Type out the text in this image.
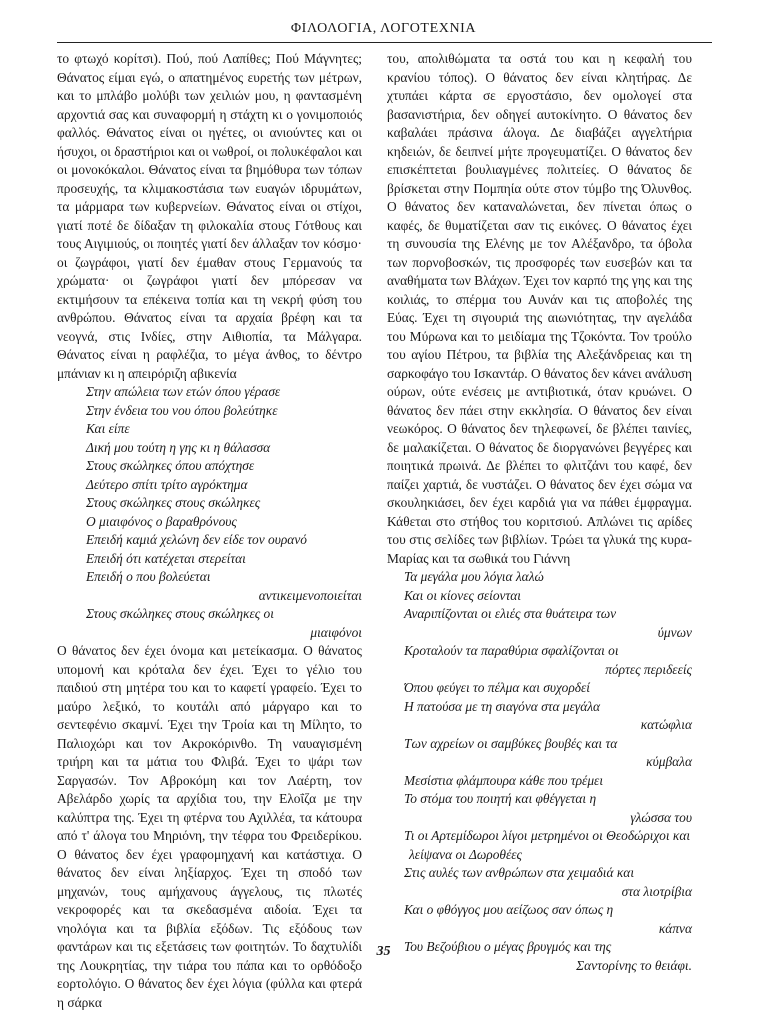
ΦΙΛΟΛΟΓΙΑ, ΛΟΓΟΤΕΧΝΙΑ

το φτωχό κορίτσι). Πού, πού Λαπίθες; Πού Μάγνητες; Θάνατος είμαι εγώ, ο απατημένος ευρετής των μέτρων, και το μπλάβο μολύβι των χειλιών μου, η φαντασμένη αρχοντιά σας και συναφορμή η στάχτη κι ο γονιμοποιός φαλλός. Θάνατος είναι οι ηγέτες, οι ανιούντες και οι ήσυχοι, οι δραστήριοι και οι νωθροί, οι πολυκέφαλοι και οι μονοκόκαλοι. Θάνατος είναι τα βημόθυρα των τόπων προσευχής, τα κλιμακοστάσια των ευαγών ιδρυμάτων, τα μάρμαρα των κυβερνείων. Θάνατος είναι οι στίχοι, γιατί ποτέ δε δίδαξαν τη φιλοκαλία στους Γότθους και τους Αιγιμιούς, οι ποιητές γιατί δεν άλλαξαν τον κόσμο· οι ζωγράφοι, γιατί δεν έμαθαν στους Γερμανούς τα χρώματα· οι ζωγράφοι γιατί δεν μπόρεσαν να εκτιμήσουν τα επέκεινα τοπία και τη νεκρή φύση του ανθρώπου. Θάνατος είναι τα αρχαία βρέφη και τα νεογνά, στις Ινδίες, στην Αιθιοπία, τα Μάλγαρα. Θάνατος είναι η ραφλέζια, το μέγα άνθος, το δέντρο μπάνιαν κι η απειρόριζη αβικενία

Στην απώλεια των ετών όπου γέρασε
Στην ένδεια του νου όπου βολεύτηκε
Και είπε
Δική μου τούτη η γης κι η θάλασσα
Στους σκώληκες όπου απόχτησε
Δεύτερο σπίτι τρίτο αγρόκτημα
Στους σκώληκες στους σκώληκες
Ο μιαιφόνος ο βαραθρόνους
Επειδή καμιά χελώνη δεν είδε τον ουρανό
Επειδή ότι κατέχεται στερείται
Επειδή ο που βολεύεται
αντικειμενοποιείται
Στους σκώληκες στους σκώληκες οι
μιαιφόνοι

Ο θάνατος δεν έχει όνομα και μετείκασμα. Ο θάνατος υπομονή και κρόταλα δεν έχει. Έχει το γέλιο του παιδιού στη μητέρα του και το καφετί γραφείο. Έχει το μαύρο λεξικό, το κουτάλι από μάργαρο και το σεντεφένιο σκαμνί. Έχει την Τροία και τη Μίλητο, το Παλιοχώρι και τον Ακροκόρινθο. Τη ναυαγισμένη τριήρη και τα μάτια του Φλιβά. Έχει το ψάρι των Σαργασών. Τον Αβροκόμη και τον Λαέρτη, τον Αβελάρδο χωρίς τα αρχίδια του, την Ελοΐζα με την καλύπτρα της. Έχει τη φτέρνα του Αχιλλέα, τα κάτουρα από τ' άλογα του Μηριόνη, την τέφρα του Φρειδερίκου. Ο θάνατος δεν έχει γραφομηχανή και κατάστιχα. Ο θάνατος δεν είναι ληξίαρχος. Έχει τη σποδό των μηχανών, τους αμήχανους άγγελους, τις πλωτές νεκροφορές και τα σκεδασμένα αιδοία. Έχει τα νηολόγια και τα βιβλία εξόδων. Τις εξόδους των φαντάρων και τις εξετάσεις των φοιτητών. Το δαχτυλίδι της Λουκρητίας, την τιάρα του πάπα και το ορθόδοξο εορτολόγιο. Ο θάνατος δεν έχει λόγια (φύλλα και φτερά η σάρκα

του, απολιθώματα τα οστά του και η κεφαλή του κρανίου τόπος). Ο θάνατος δεν είναι κλητήρας. Δε χτυπάει κάρτα σε εργοστάσιο, δεν ομολογεί στα βασανιστήρια, δεν οδηγεί αυτοκίνητο. Ο θάνατος δεν καβαλάει πράσινα άλογα. Δε διαβάζει αγγελτήρια κηδειών, δε δειπνεί μήτε προγευματίζει. Ο θάνατος δεν επισκέπτεται βουλιαγμένες πολιτείες. Ο θάνατος δε βρίσκεται στην Πομπηία ούτε στον τύμβο της Όλυνθος. Ο θάνατος δεν καταναλώνεται, δεν πίνεται όπως ο καφές, δε θυματίζεται σαν τις εικόνες. Ο θάνατος έχει τη συνουσία της Ελένης με τον Αλέξανδρο, τα όβολα των πορνοβοσκών, τις προσφορές των ευσεβών και τα αναθήματα των Βλάχων. Έχει τον καρπό της γης και της κοιλιάς, το σπέρμα του Αυνάν και τις αποβολές της Εύας. Έχει τη σιγουριά της αιωνιότητας, την αγελάδα του Μύρωνα και το μειδίαμα της Τζοκόντα. Τον τρούλο του αγίου Πέτρου, τα βιβλία της Αλεξάνδρειας και τη σαρκοφάγο του Ισκαντάρ. Ο θάνατος δεν κάνει ανάλυση ούρων, ούτε ενέσεις με αντιβιοτικά, όταν κρυώνει. Ο θάνατος δεν πάει στην εκκλησία. Ο θάνατος δεν είναι νεωκόρος. Ο θάνατος δεν τηλεφωνεί, δε βλέπει ταινίες, δε μαλακίζεται. Ο θάνατος δε διοργανώνει βεγγέρες και ποιητικά πρωινά. Δε βλέπει το φλιτζάνι του καφέ, δεν παίζει χαρτιά, δε νυστάζει. Ο θάνατος δεν έχει σώμα να σκουληκιάσει, δεν έχει καρδιά για να πάθει έμφραγμα. Κάθεται στο στήθος του κοριτσιού. Απλώνει τις αρίδες του στις σελίδες των βιβλίων. Τρώει τα γλυκά της κυρα-Μαρίας και τα σωθικά του Γιάννη

Τα μεγάλα μου λόγια λαλώ
Και οι κίονες σείονται
Αναριπίζονται οι ελιές στα θυάτειρα των
ύμνων
Κροταλούν τα παραθύρια σφαλίζονται οι
πόρτες περιδεείς
Όπου φεύγει το πέλμα και συχορδεί
Η πατούσα με τη σιαγόνα στα μεγάλα
κατώφλια
Των αχρείων οι σαμβύκες βουβές και τα
κύμβαλα
Μεσίστια φλάμπουρα κάθε που τρέμει
Το στόμα του ποιητή και φθέγγεται η
γλώσσα του
Τι οι Αρτεμίδωροι λίγοι μετρημένοι οι Θεοδώριχοι και λείψανα οι Δωροθέες
Στις αυλές των ανθρώπων στα χειμαδιά και
στα λιοτρίβια
Και ο φθόγγος μου αείζωος σαν όπως η
κάπνα
Του Βεζούβιου ο μέγας βρυγμός και της
Σαντορίνης το θειάφι.
35
